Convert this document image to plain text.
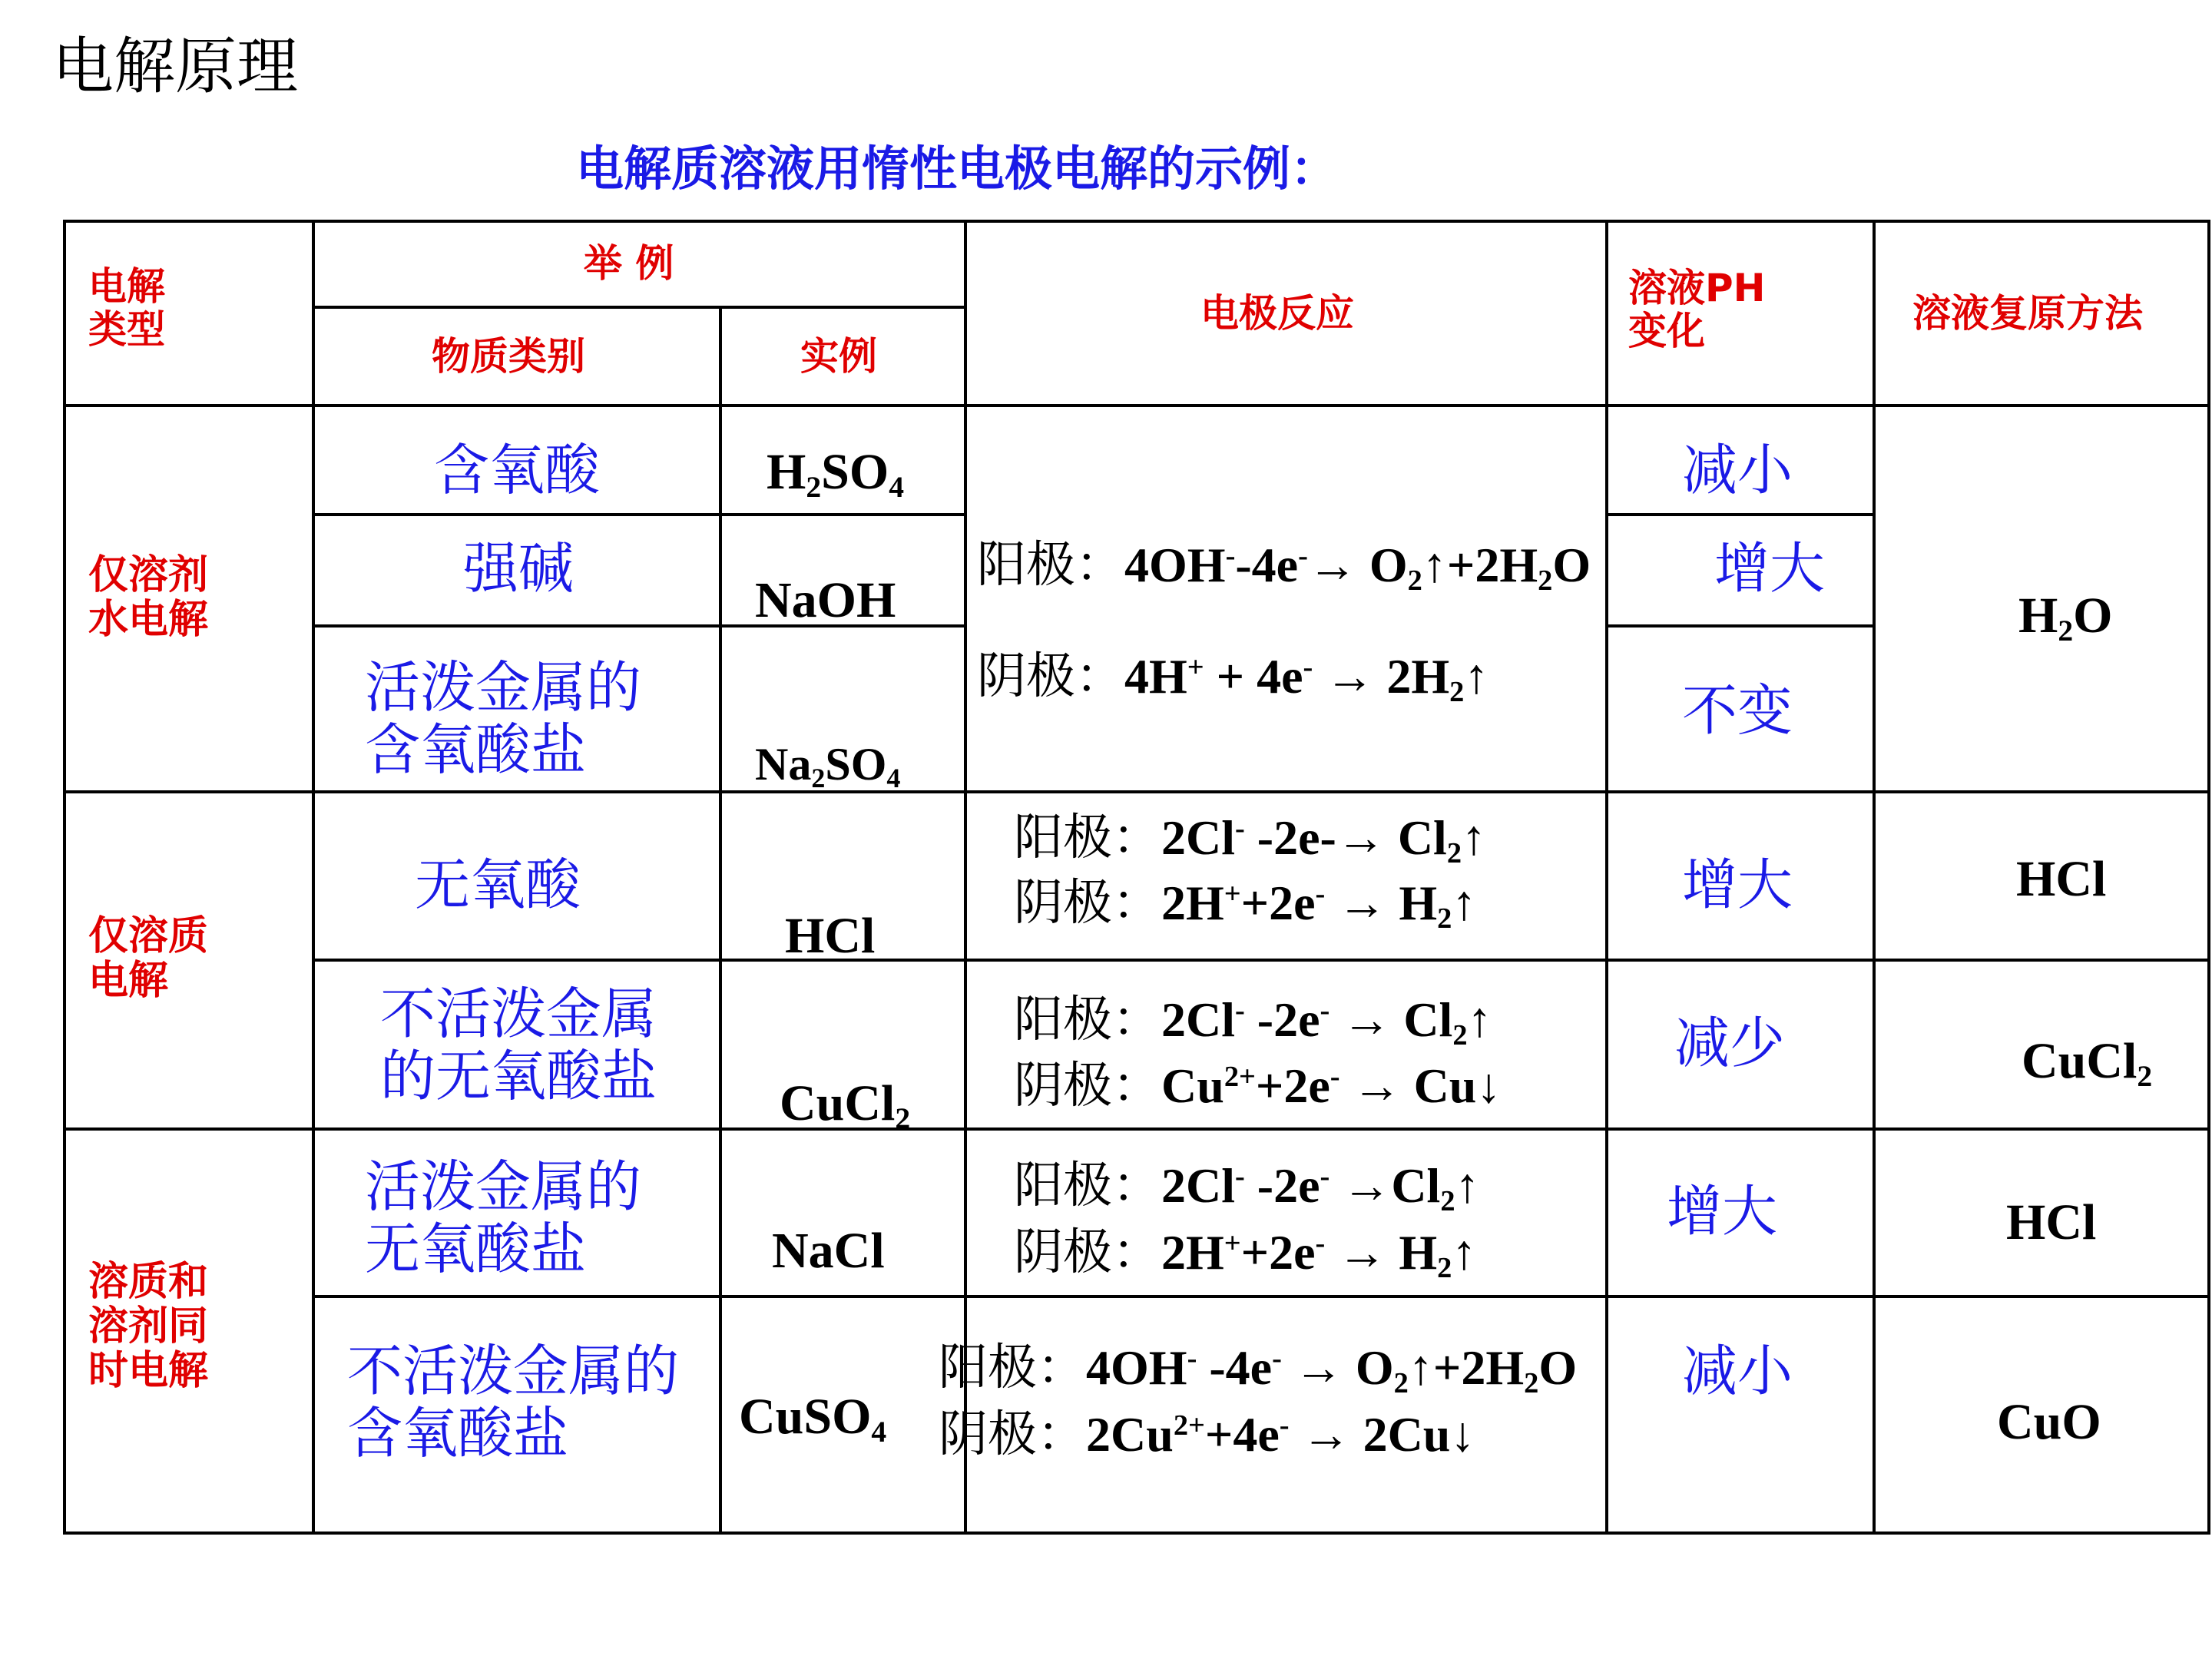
电解原理
电解质溶液用惰性电极电解的示例：
电解
类型
举 例
物质类别	实例
电极反应
溶液PH
变化	溶液复原方法
仅溶剂
水电解
仅溶质
电解
溶质和
溶剂同
时电解
含氧酸
强碱
活泼金属的
含氧酸盐
无氧酸
不活泼金属
的无氧酸盐
活泼金属的
无氧酸盐
不活泼金属的
含氧酸盐
$H_2SO_4$
NaOH
$Na_2SO_4$
HCl
CuCl$_2$
NaCl
CuSO$_4$
阳极：$4OH^--4e^-\to O_2↑+2H_2O$
阴极：$4H^+ + 4e^- \to 2H_2↑$
阳极：2Cl- $-2e-\to Cl_2↑$
阴极：$2H^++2e^- \to H_2↑$
阳极：2Cl- $-2e^- \to Cl_2↑$
阴极：$Cu^{2+}+2e^-$ → Cu↓
阳极：2Cl- $-2e^- \to Cl_2↑$
阴极：$2H^++2e^- \to H_2↑$
阳极：4OH- $-4e^- \to O_2↑+2H_2O$
阴极：$2Cu^{2+}+4e^-$ → 2Cu↓
减小
增大
不变
增大
减少
增大
减小
$H_2O$
HCl
CuCl$_2$
HCl
CuO
